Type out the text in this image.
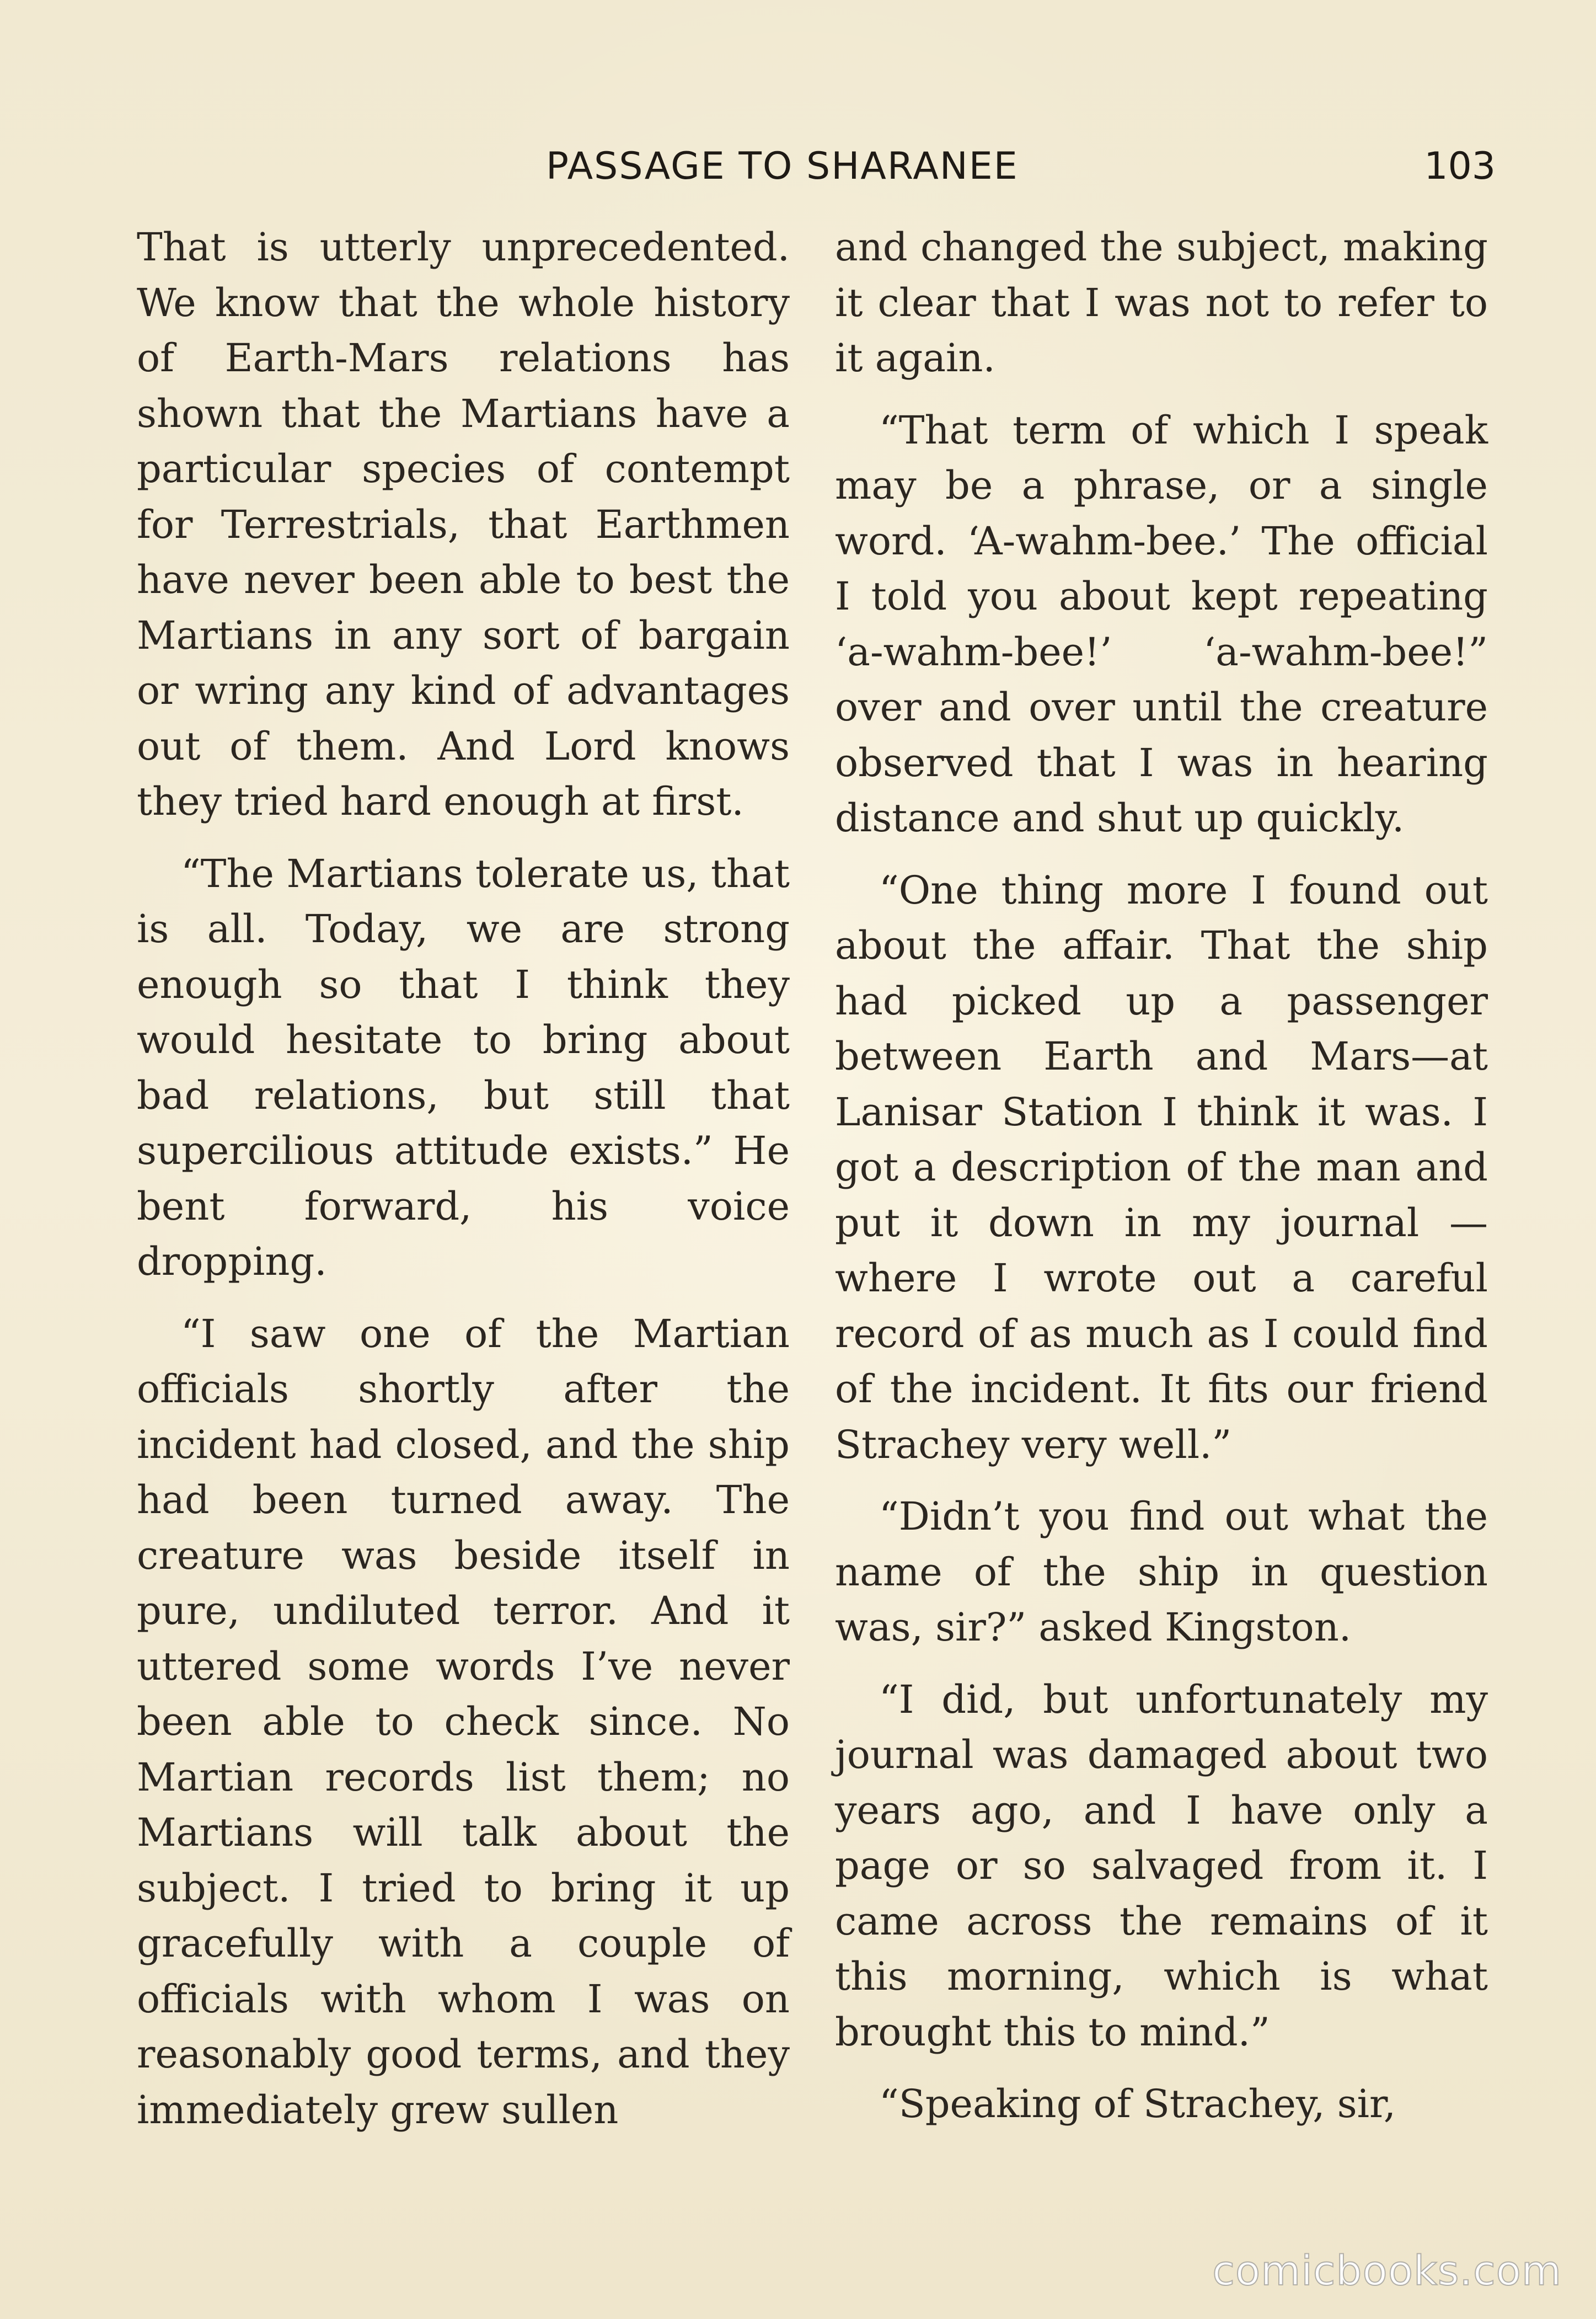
PASSAGE TO SHARANEE	103

That is utterly unprecedented. We know that the whole history of Earth-Mars relations has shown that the Martians have a particular species of contempt for Terrestrials, that Earthmen have never been able to best the Martians in any sort of bargain or wring any kind of advantages out of them. And Lord knows they tried hard enough at first.

“The Martians tolerate us, that is all. Today, we are strong enough so that I think they would hesitate to bring about bad relations, but still that supercilious attitude exists.” He bent forward, his voice dropping.

“I saw one of the Martian officials shortly after the incident had closed, and the ship had been turned away. The creature was beside itself in pure, undiluted terror. And it uttered some words I’ve never been able to check since. No Martian records list them; no Martians will talk about the subject. I tried to bring it up gracefully with a couple of officials with whom I was on reasonably good terms, and they immediately grew sullen

and changed the subject, making it clear that I was not to refer to it again.

“That term of which I speak may be a phrase, or a single word. ‘A-wahm-bee.’ The official I told you about kept repeating ‘a-wahm-bee!’ ‘a-wahm-bee!” over and over until the creature observed that I was in hearing distance and shut up quickly.

“One thing more I found out about the affair. That the ship had picked up a passenger between Earth and Mars—at Lanisar Station I think it was. I got a description of the man and put it down in my journal —where I wrote out a careful record of as much as I could find of the incident. It fits our friend Strachey very well.”

“Didn’t you find out what the name of the ship in question was, sir?” asked Kingston.

“I did, but unfortunately my journal was damaged about two years ago, and I have only a page or so salvaged from it. I came across the remains of it this morning, which is what brought this to mind.”

“Speaking of Strachey, sir,

comicbooks.com
